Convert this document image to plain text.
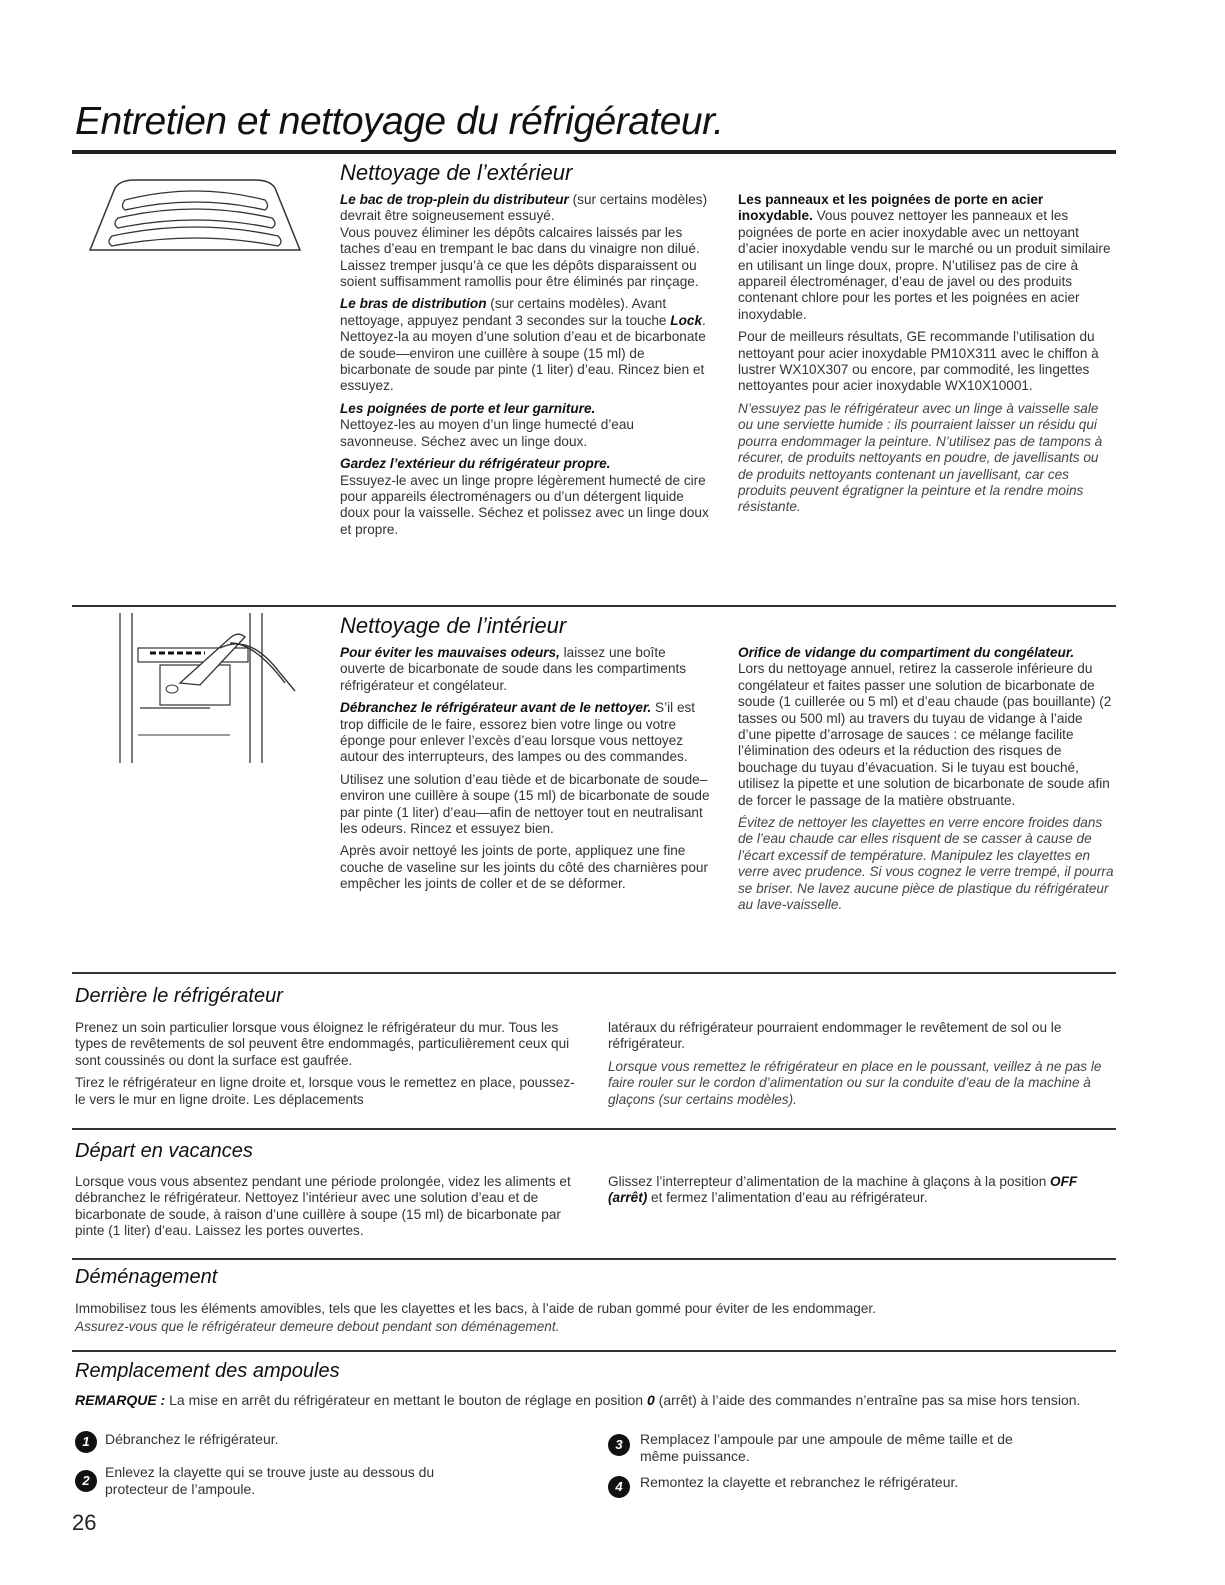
Entretien et nettoyage du réfrigérateur.
Nettoyage de l’extérieur

Le bac de trop-plein du distributeur (sur certains modèles) devrait être soigneusement essuyé.
Vous pouvez éliminer les dépôts calcaires laissés par les taches d’eau en trempant le bac dans du vinaigre non dilué. Laissez tremper jusqu’à ce que les dépôts disparaissent ou soient suffisamment ramollis pour être éliminés par rinçage.

Le bras de distribution (sur certains modèles). Avant nettoyage, appuyez pendant 3 secondes sur la touche Lock. Nettoyez-la au moyen d’une solution d’eau et de bicarbonate de soude—environ une cuillère à soupe (15 ml) de bicarbonate de soude par pinte (1 liter) d’eau. Rincez bien et essuyez.

Les poignées de porte et leur garniture.
Nettoyez-les au moyen d’un linge humecté d’eau savonneuse. Séchez avec un linge doux.

Gardez l’extérieur du réfrigérateur propre.
Essuyez-le avec un linge propre légèrement humecté de cire pour appareils électroménagers ou d’un détergent liquide doux pour la vaisselle. Séchez et polissez avec un linge doux et propre.

Les panneaux et les poignées de porte en acier inoxydable. Vous pouvez nettoyer les panneaux et les poignées de porte en acier inoxydable avec un nettoyant d’acier inoxydable vendu sur le marché ou un produit similaire en utilisant un linge doux, propre. N’utilisez pas de cire à appareil électroménager, d’eau de javel ou des produits contenant chlore pour les portes et les poignées en acier inoxydable.

Pour de meilleurs résultats, GE recommande l’utilisation du nettoyant pour acier inoxydable PM10X311 avec le chiffon à lustrer WX10X307 ou encore, par commodité, les lingettes nettoyantes pour acier inoxydable WX10X10001.

N’essuyez pas le réfrigérateur avec un linge à vaisselle sale ou une serviette humide : ils pourraient laisser un résidu qui pourra endommager la peinture. N’utilisez pas de tampons à récurer, de produits nettoyants en poudre, de javellisants ou de produits nettoyants contenant un javellisant, car ces produits peuvent égratigner la peinture et la rendre moins résistante.

Nettoyage de l’intérieur

Pour éviter les mauvaises odeurs, laissez une boîte ouverte de bicarbonate de soude dans les compartiments réfrigérateur et congélateur.

Débranchez le réfrigérateur avant de le nettoyer. S’il est trop difficile de le faire, essorez bien votre linge ou votre éponge pour enlever l’excès d’eau lorsque vous nettoyez autour des interrupteurs, des lampes ou des commandes.

Utilisez une solution d’eau tiède et de bicarbonate de soude–environ une cuillère à soupe (15 ml) de bicarbonate de soude par pinte (1 liter) d’eau—afin de nettoyer tout en neutralisant les odeurs. Rincez et essuyez bien.

Après avoir nettoyé les joints de porte, appliquez une fine couche de vaseline sur les joints du côté des charnières pour empêcher les joints de coller et de se déformer.

Orifice de vidange du compartiment du congélateur.
Lors du nettoyage annuel, retirez la casserole inférieure du congélateur et faites passer une solution de bicarbonate de soude (1 cuillerée ou 5 ml) et d’eau chaude (pas bouillante) (2 tasses ou 500 ml) au travers du tuyau de vidange à l’aide d’une pipette d’arrosage de sauces : ce mélange facilite l’élimination des odeurs et la réduction des risques de bouchage du tuyau d’évacuation. Si le tuyau est bouché, utilisez la pipette et une solution de bicarbonate de soude afin de forcer le passage de la matière obstruante.

Évitez de nettoyer les clayettes en verre encore froides dans de l’eau chaude car elles risquent de se casser à cause de l’écart excessif de température. Manipulez les clayettes en verre avec prudence. Si vous cognez le verre trempé, il pourra se briser. Ne lavez aucune pièce de plastique du réfrigérateur au lave-vaisselle.

Derrière le réfrigérateur

Prenez un soin particulier lorsque vous éloignez le réfrigérateur du mur. Tous les types de revêtements de sol peuvent être endommagés, particulièrement ceux qui sont coussinés ou dont la surface est gaufrée.

Tirez le réfrigérateur en ligne droite et, lorsque vous le remettez en place, poussez-le vers le mur en ligne droite. Les déplacements

latéraux du réfrigérateur pourraient endommager le revêtement de sol ou le réfrigérateur.

Lorsque vous remettez le réfrigérateur en place en le poussant, veillez à ne pas le faire rouler sur le cordon d’alimentation ou sur la conduite d’eau de la machine à glaçons (sur certains modèles).

Départ en vacances

Lorsque vous vous absentez pendant une période prolongée, videz les aliments et débranchez le réfrigérateur. Nettoyez l’intérieur avec une solution d’eau et de bicarbonate de soude, à raison d’une cuillère à soupe (15 ml) de bicarbonate par pinte (1 liter) d’eau. Laissez les portes ouvertes.

Glissez l’interrepteur d’alimentation de la machine à glaçons à la position OFF (arrêt) et fermez l’alimentation d’eau au réfrigérateur.

Déménagement

Immobilisez tous les éléments amovibles, tels que les clayettes et les bacs, à l’aide de ruban gommé pour éviter de les endommager.

Assurez-vous que le réfrigérateur demeure debout pendant son déménagement.

Remplacement des ampoules
REMARQUE : La mise en arrêt du réfrigérateur en mettant le bouton de réglage en position 0 (arrêt) à l’aide des commandes n’entraîne pas sa mise hors tension.
1	Débranchez le réfrigérateur.
2
Enlevez la clayette qui se trouve juste au dessous du protecteur de l’ampoule.
3	Remplacez l’ampoule par une ampoule de même taille et de même puissance.
4	Remontez la clayette et rebranchez le réfrigérateur.
26
